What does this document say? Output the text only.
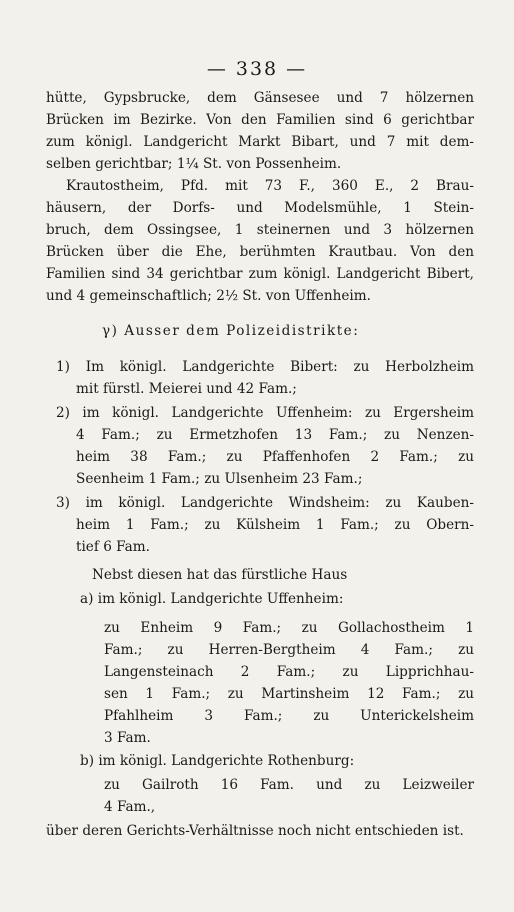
— 338 —
hütte, Gypsbrucke, dem Gänsesee und 7 hölzernen
Brücken im Bezirke. Von den Familien sind 6 gerichtbar
zum königl. Landgericht Markt Bibart, und 7 mit dem-
selben gerichtbar; 1¼ St. von Possenheim.
Krautostheim, Pfd. mit 73 F., 360 E., 2 Brau-
häusern, der Dorfs- und Modelsmühle, 1 Stein-
bruch, dem Ossingsee, 1 steinernen und 3 hölzernen
Brücken über die Ehe, berühmten Krautbau. Von den
Familien sind 34 gerichtbar zum königl. Landgericht Bibert,
und 4 gemeinschaftlich; 2½ St. von Uffenheim.
γ) Ausser dem Polizeidistrikte:
1) Im königl. Landgerichte Bibert: zu Herbolzheim
mit fürstl. Meierei und 42 Fam.;
2) im königl. Landgerichte Uffenheim: zu Ergersheim
4 Fam.; zu Ermetzhofen 13 Fam.; zu Nenzen-
heim 38 Fam.; zu Pfaffenhofen 2 Fam.; zu
Seenheim 1 Fam.; zu Ulsenheim 23 Fam.;
3) im königl. Landgerichte Windsheim: zu Kauben-
heim 1 Fam.; zu Külsheim 1 Fam.; zu Obern-
tief 6 Fam.
Nebst diesen hat das fürstliche Haus
a) im königl. Landgerichte Uffenheim:
zu Enheim 9 Fam.; zu Gollachostheim 1
Fam.; zu Herren-Bergtheim 4 Fam.; zu
Langensteinach 2 Fam.; zu Lipprichhau-
sen 1 Fam.; zu Martinsheim 12 Fam.; zu
Pfahlheim 3 Fam.; zu Unterickelsheim
3 Fam.
b) im königl. Landgerichte Rothenburg:
zu Gailroth 16 Fam. und zu Leizweiler
4 Fam.,
über deren Gerichts-Verhältnisse noch nicht entschieden ist.
